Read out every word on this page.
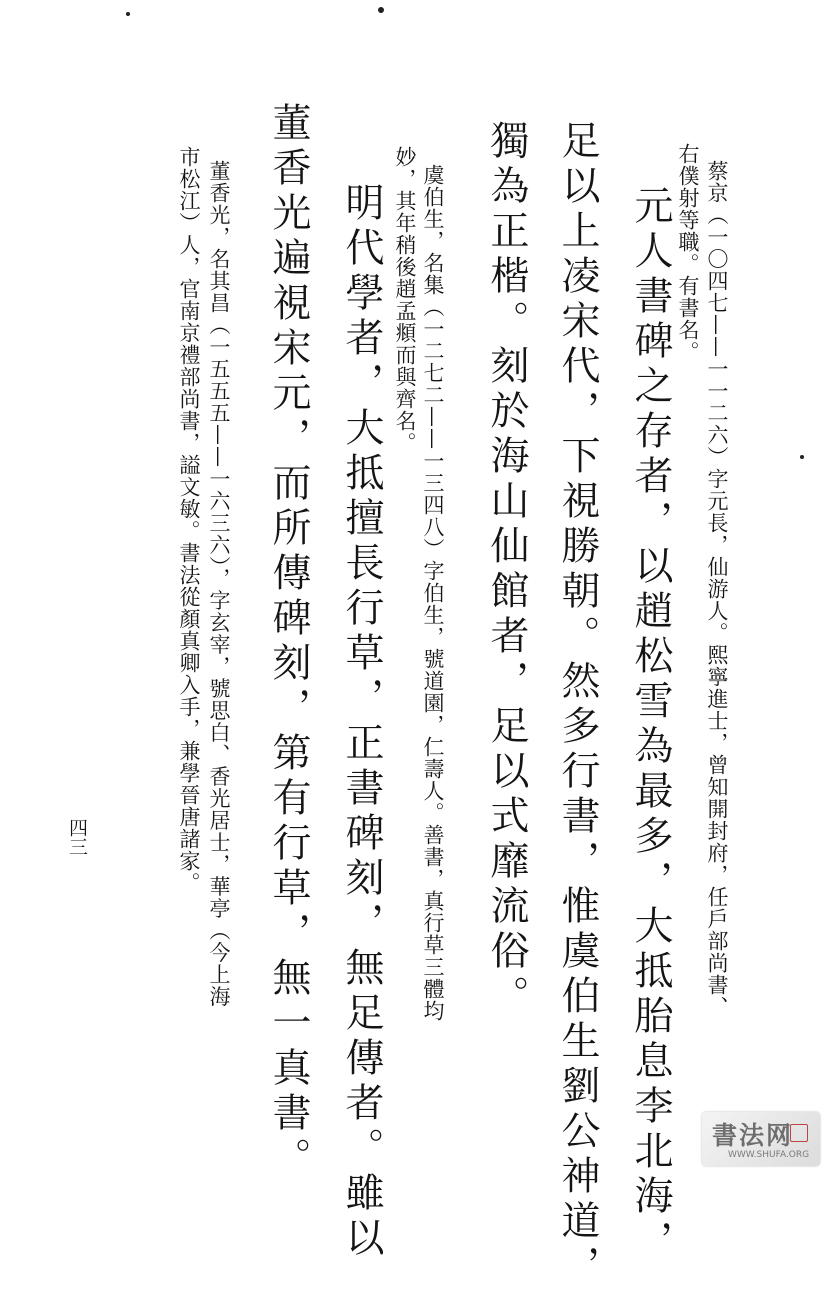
蔡京（一〇四七——一一二六）字元長，仙游人。熙寧進士，曾知開封府，任戶部尚書、

右僕射等職。有書名。

元人書碑之存者，以趙松雪為最多，大抵胎息李北海，

足以上凌宋代，下視勝朝。然多行書，惟虞伯生劉公神道，

獨為正楷。刻於海山仙館者，足以式靡流俗。

虞伯生，名集（一二七二——一三四八）字伯生，號道園，仁壽人。善書，真行草三體均

妙，其年稍後趙孟頫而與齊名。

明代學者，大抵擅長行草，正書碑刻，無足傳者。雖以

董香光遍視宋元，而所傳碑刻，第有行草，無一真書。

董香光，名其昌（一五五五——一六三六），字玄宰，號思白、香光居士，華亭（今上海

市松江）人，官南京禮部尚書，謚文敏。書法從顏真卿入手，兼學晉唐諸家。

四三
書法网
WWW.SHUFA.ORG
